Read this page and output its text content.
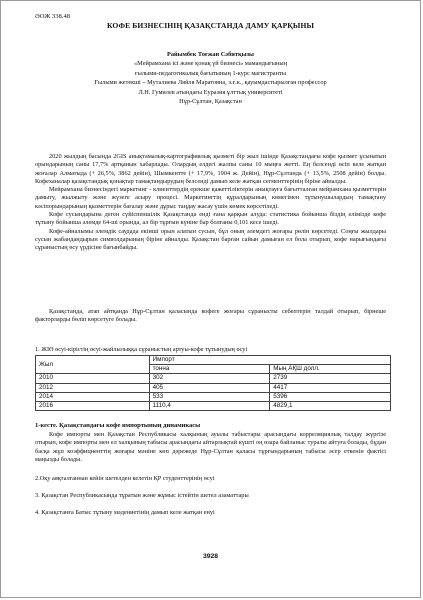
ӘОЖ 338.48
КОФЕ БИЗНЕСІНІҢ ҚАЗАҚСТАНДА ДАМУ ҚАРҚЫНЫ
Райымбек Тоғжан Сәбитқызы
«Мейрамхана ісі және қонақ үй бизнесі» мамандығының
ғылыми-педагогикалық бағытының 1-курс магистранты
Ғылыми жетекші – Муталиева Ляйля Маратовна, э.ғ.к., қауымдастырылған профессор
Л.Н. Гумилев атындағы Еуразия ұлттық университеті
Нұр-Сұлтан, Қазақстан

2020 жылдың басында 2GIS анықтамалық-картографиялық қызметі бір жыл ішінде Қазақстандағы кофе қызмет ұсынатын орындарының саны 17,7% артқанын хабарлады. Олардың елдегі жалпы саны 10 мыңға жетті. Ең белсенді өсіп келе жатқан жоғалар Алматыда (+ 26,5%, 3862 дейін), Шымкентте (+ 17,9%, 1904 ж. Дейін), Нұр-Сұлтанда (+ 13,5%, 2508 дейін) болды. Кофеханалар қазақстандық қонақтар тамақтандырудың белсенді дамып келе жатқан сегменттерінің біріне айналды.

Мейрамхана бизнесіндегі маркетинг - клиенттердің ерекше қажеттіліктерін анықтауға бағытталған мейрамхана қызметтерін дамыту, жылжыту және жүзеге асыру процесі. Маркетингтің құралдарының көмегімен тұтынушылардың тамақтану кәсіпорындарының қызметтерін бағалау және дұрыс таңдау жасау үшін көмек көрсетіледі.

Кофе сусындарына деген сүйіспеншілік Қазақстанда енді ғана қарқын алуда: статистика бойынша біздің елімізде кофе тұтыну бойынша әлемде 64-ші орында, ал бір тұрғын күніне бар болғаны 0,101 кесе ішеді.

Кофе-айналымы әлемдік саудада екінші орын алатын сусын, бұл оның әлемдегі жоғары рөлін көрсетеді. Соңғы жылдары сусын жабандандырын символдарының біріне айналды. Қазақстан барған сайын дамыған ел бола отырып, кофе нарығындағы сұраныстың өсу үрдісіне бағынбайды.

Қазақстанда, атап айтқанда Нұр-Сұлтан қаласында кофеге жоғары сұранысты себептерін талдай отырып, бірнеше факторларды бөліп көрсетуге болады.

1. ЖІӨ өсуі-кірістің өсуі-жайлылыққа сұраныстың артуы-кофе тұтынудың өсуі
Жыл	Импорт	
	тонна	Мың АҚШ долл.
2010	302	2739
2012	405	4417
2014	533	5396
2016	1110,4	4829,1
1-кесте. Қазақстандағы кофе импортының динамикасы

Кофе импорты мен Қазақстан Республикасы халқының ауылы табыстары арасындағы корреляциялық талдау жүргізе отырып, кофе импорты мен ел халқының табысы арасындағы айтарлықтай күшті оң өзара байланыс туралы айтуға болады, бұдан басқа жұп коэффициенттің жоғары мәніне көп дәрежеде Нұр-Сұлтан қаласы тұрғындарының табысы әсер еткенін фактісі маңызды болады.

2.Оқу аяқталғаннан кейін шетелден келетін ҚР студенттерінің өсуі
3. Қазақстан Республикасында тұратын және жұмыс істейтін шетел азаматтары
4. Қазақстанға Батыс тұтыну мәдениетінің дамып келе жатқан енуі
3928
